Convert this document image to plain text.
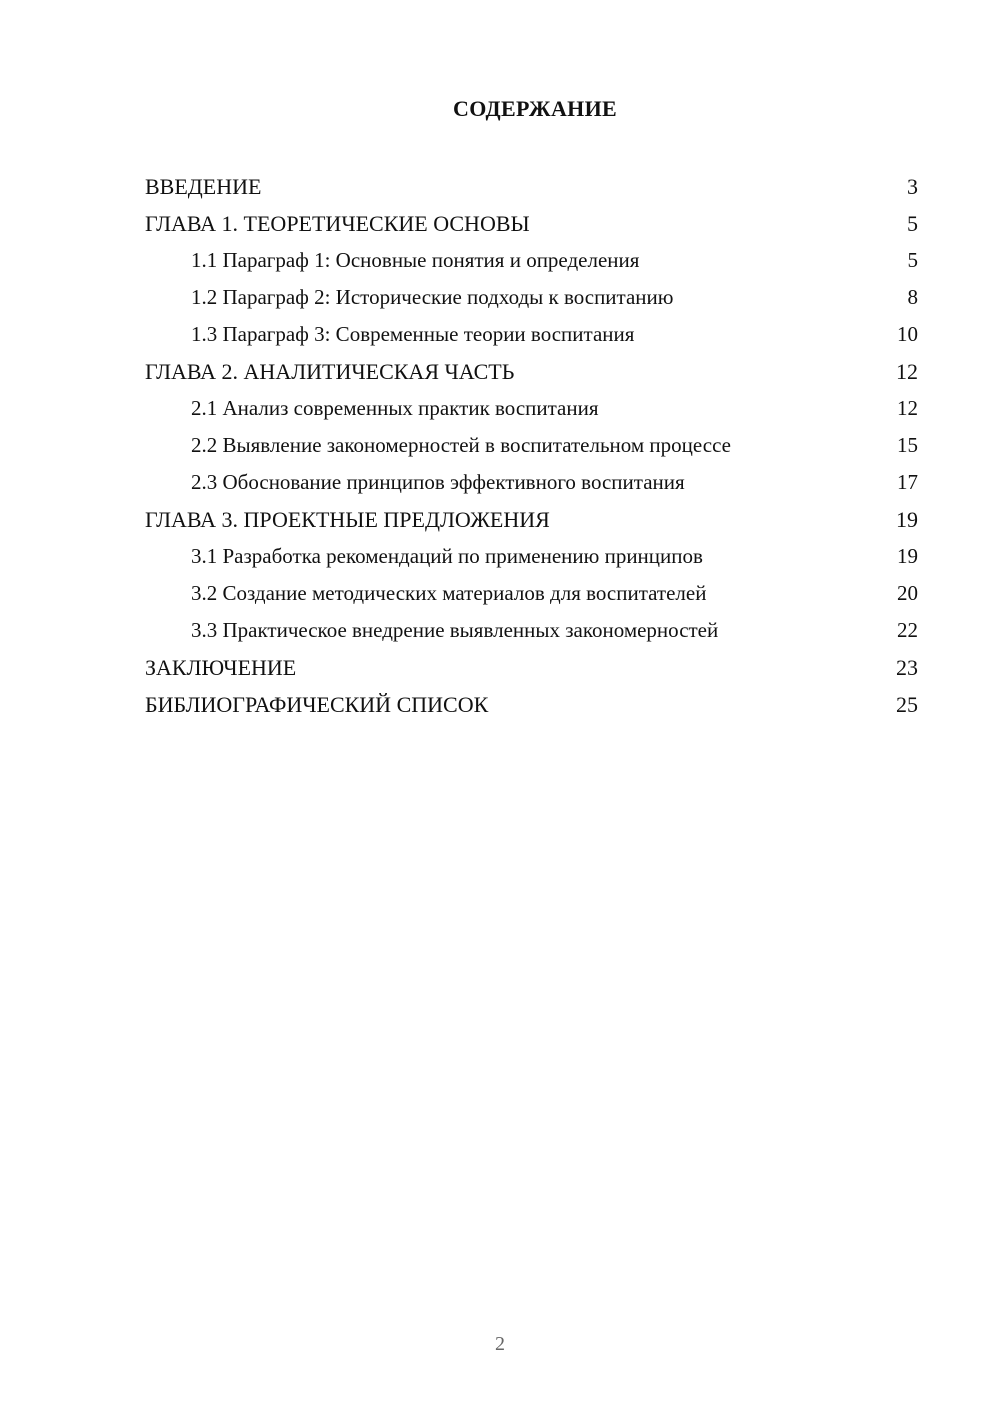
СОДЕРЖАНИЕ
ВВЕДЕНИЕ	3
ГЛАВА 1. ТЕОРЕТИЧЕСКИЕ ОСНОВЫ	5
1.1 Параграф 1: Основные понятия и определения	5
1.2 Параграф 2: Исторические подходы к воспитанию	8
1.3 Параграф 3: Современные теории воспитания	10
ГЛАВА 2. АНАЛИТИЧЕСКАЯ ЧАСТЬ	12
2.1 Анализ современных практик воспитания	12
2.2 Выявление закономерностей в воспитательном процессе	15
2.3 Обоснование принципов эффективного воспитания	17
ГЛАВА 3. ПРОЕКТНЫЕ ПРЕДЛОЖЕНИЯ	19
3.1 Разработка рекомендаций по применению принципов	19
3.2 Создание методических материалов для воспитателей	20
3.3 Практическое внедрение выявленных закономерностей	22
ЗАКЛЮЧЕНИЕ	23
БИБЛИОГРАФИЧЕСКИЙ СПИСОК	25
2
